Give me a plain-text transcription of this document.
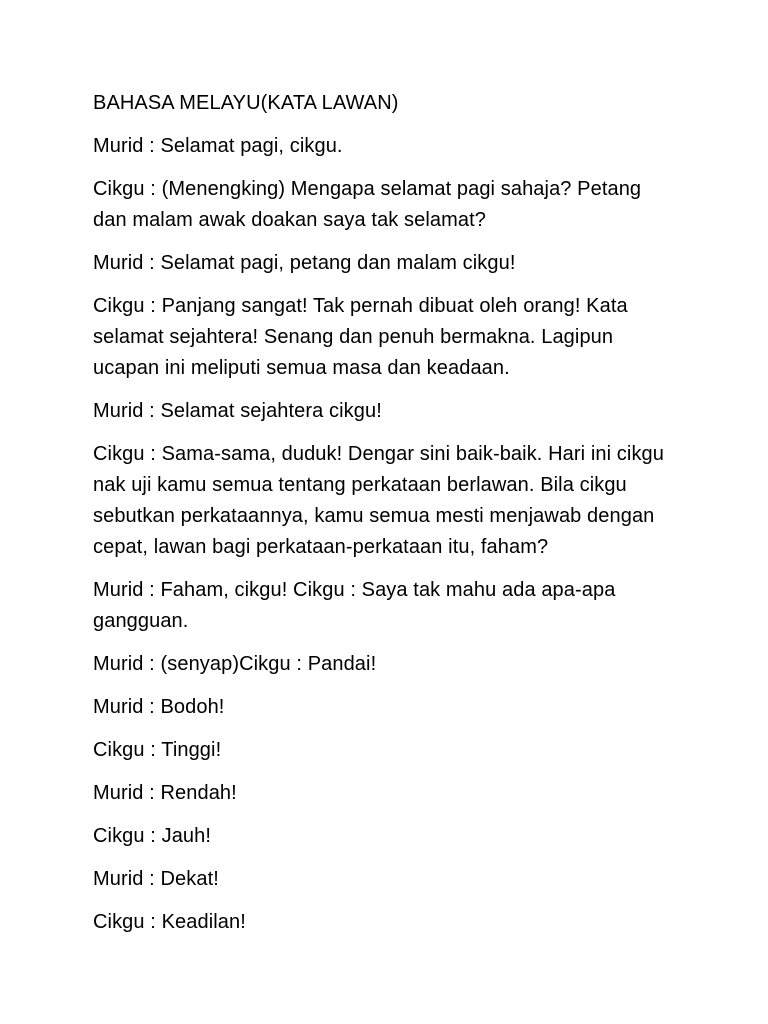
BAHASA MELAYU(KATA LAWAN)

Murid : Selamat pagi, cikgu.

Cikgu : (Menengking) Mengapa selamat pagi sahaja? Petang dan malam awak doakan saya tak selamat?

Murid : Selamat pagi, petang dan malam cikgu!

Cikgu : Panjang sangat! Tak pernah dibuat oleh orang! Kata selamat sejahtera! Senang dan penuh bermakna. Lagipun ucapan ini meliputi semua masa dan keadaan.

Murid : Selamat sejahtera cikgu!

Cikgu : Sama-sama, duduk! Dengar sini baik-baik. Hari ini cikgu nak uji kamu semua tentang perkataan berlawan. Bila cikgu sebutkan perkataannya, kamu semua mesti menjawab dengan cepat, lawan bagi perkataan-perkataan itu, faham?

Murid : Faham, cikgu! Cikgu : Saya tak mahu ada apa-apa gangguan.

Murid : (senyap)Cikgu : Pandai!

Murid : Bodoh!

Cikgu : Tinggi!

Murid : Rendah!

Cikgu : Jauh!

Murid : Dekat!

Cikgu : Keadilan!
